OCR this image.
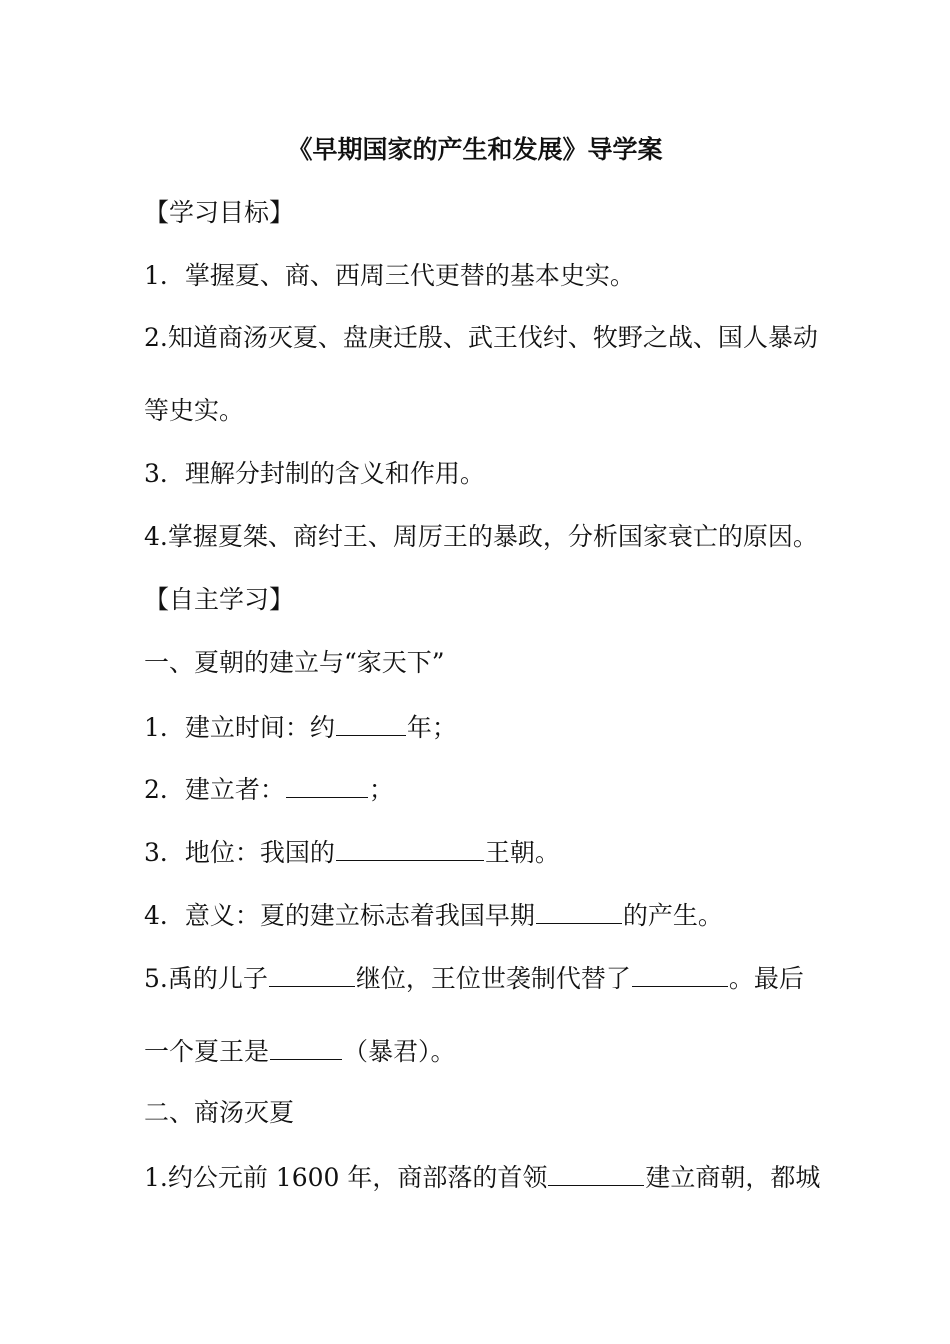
《早期国家的产生和发展》导学案
【学习目标】
1．掌握夏、商、西周三代更替的基本史实。
2.知道商汤灭夏、盘庚迁殷、武王伐纣、牧野之战、国人暴动
等史实。
3．理解分封制的含义和作用。
4.掌握夏桀、商纣王、周厉王的暴政，分析国家衰亡的原因。
【自主学习】
一、夏朝的建立与“家天下”
1．建立时间：约	年；
2．建立者：	；
3．地位：我国的	王朝。
4．意义：夏的建立标志着我国早期	的产生。
5.禹的儿子	继位，王位世袭制代替了	。最后
一个夏王是	（暴君）。
二、商汤灭夏
1.约公元前 1600 年，商部落的首领	建立商朝，都城
